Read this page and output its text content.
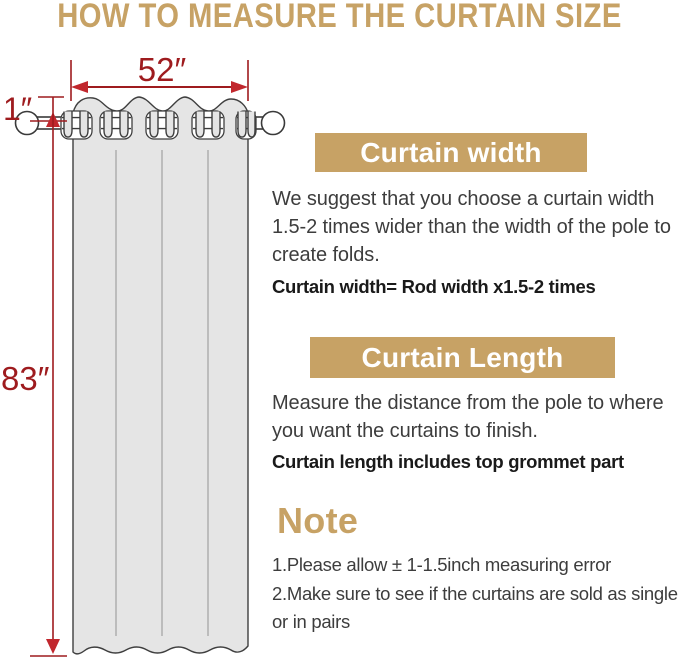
HOW TO MEASURE THE CURTAIN SIZE
52″
1″
83″
Curtain width
We suggest that you choose a curtain width 1.5-2 times wider than the width of the pole to create folds.
Curtain width= Rod width x1.5-2 times
Curtain Length
Measure the distance from the pole to where you want the curtains to finish.
Curtain length includes top grommet part
Note
1.Please allow ± 1-1.5inch measuring error
2.Make sure to see if the curtains are sold as single or in pairs
